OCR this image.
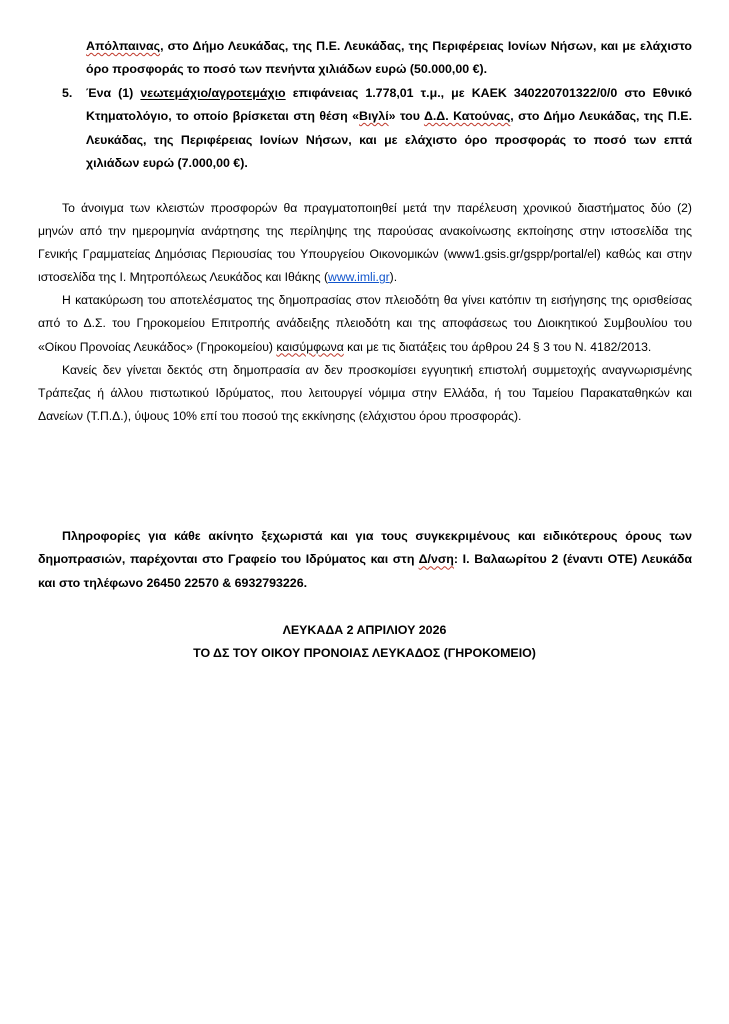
Απόλπαινας, στο Δήμο Λευκάδας, της Π.Ε. Λευκάδας, της Περιφέρειας Ιονίων Νήσων, και με ελάχιστο όρο προσφοράς το ποσό των πενήντα χιλιάδων ευρώ (50.000,00 €).
5. Ένα (1) νεωτεμάχιο/αγροτεμάχιο επιφάνειας 1.778,01 τ.μ., με ΚΑΕΚ 340220701322/0/0 στο Εθνικό Κτηματολόγιο, το οποίο βρίσκεται στη θέση «Βιγλί» του Δ.Δ. Κατούνας, στο Δήμο Λευκάδας, της Π.Ε. Λευκάδας, της Περιφέρειας Ιονίων Νήσων, και με ελάχιστο όρο προσφοράς το ποσό των επτά χιλιάδων ευρώ (7.000,00 €).

Το άνοιγμα των κλειστών προσφορών θα πραγματοποιηθεί μετά την παρέλευση χρονικού διαστήματος δύο (2) μηνών από την ημερομηνία ανάρτησης της περίληψης της παρούσας ανακοίνωσης εκποίησης στην ιστοσελίδα της Γενικής Γραμματείας Δημόσιας Περιουσίας του Υπουργείου Οικονομικών (www1.gsis.gr/gspp/portal/el) καθώς και στην ιστοσελίδα της Ι. Μητροπόλεως Λευκάδος και Ιθάκης (www.imli.gr).

Η κατακύρωση του αποτελέσματος της δημοπρασίας στον πλειοδότη θα γίνει κατόπιν τη εισήγησης της ορισθείσας από το Δ.Σ. του Γηροκομείου Επιτροπής ανάδειξης πλειοδότη και της αποφάσεως του Διοικητικού Συμβουλίου του «Οίκου Προνοίας Λευκάδος» (Γηροκομείου) καισύμφωνα και με τις διατάξεις του άρθρου 24 § 3 του Ν. 4182/2013.

Κανείς δεν γίνεται δεκτός στη δημοπρασία αν δεν προσκομίσει εγγυητική επιστολή συμμετοχής αναγνωρισμένης Τράπεζας ή άλλου πιστωτικού Ιδρύματος, που λειτουργεί νόμιμα στην Ελλάδα, ή του Ταμείου Παρακαταθηκών και Δανείων (Τ.Π.Δ.), ύψους 10% επί του ποσού της εκκίνησης (ελάχιστου όρου προσφοράς).

Πληροφορίες για κάθε ακίνητο ξεχωριστά και για τους συγκεκριμένους και ειδικότερους όρους των δημοπρασιών, παρέχονται στο Γραφείο του Ιδρύματος και στη Δ/νση: Ι. Βαλαωρίτου 2 (έναντι ΟΤΕ) Λευκάδα και στο τηλέφωνο 26450 22570 & 6932793226.

ΛΕΥΚΑΔΑ 2 ΑΠΡΙΛΙΟΥ 2026
ΤΟ ΔΣ ΤΟΥ ΟΙΚΟΥ ΠΡΟΝΟΙΑΣ ΛΕΥΚΑΔΟΣ (ΓΗΡΟΚΟΜΕΙΟ)
